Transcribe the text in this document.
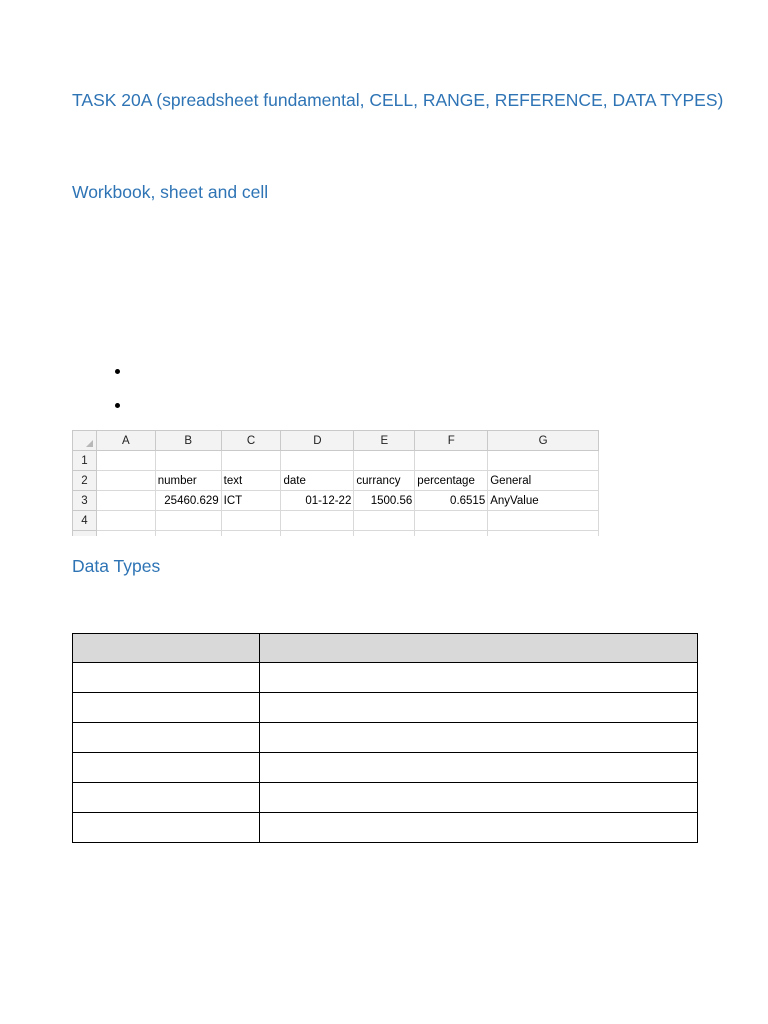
TASK 20A (spreadsheet fundamental, CELL, RANGE, REFERENCE, DATA TYPES)
Workbook, sheet and cell
	A	B	C	D	E	F	G
1							
2		number	text	date	currancy	percentage	General
3		25460.629	ICT	01-12-22	1500.56	0.6515	AnyValue
4							

Data Types
